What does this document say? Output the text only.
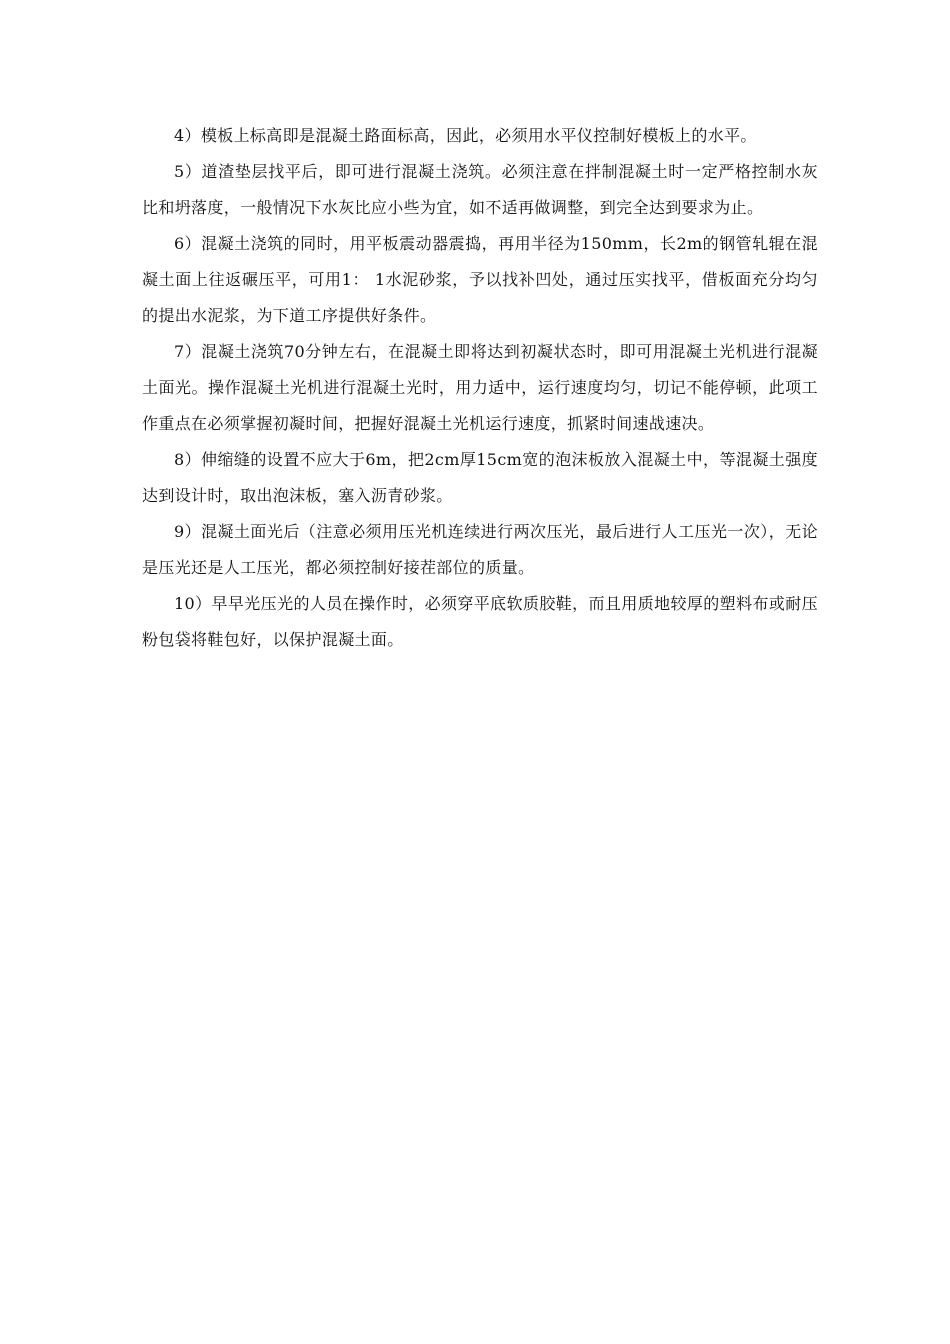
4）模板上标高即是混凝土路面标高，因此，必须用水平仪控制好模板上的水平。

5）道渣垫层找平后，即可进行混凝土浇筑。必须注意在拌制混凝土时一定严格控制水灰比和坍落度，一般情况下水灰比应小些为宜，如不适再做调整，到完全达到要求为止。

6）混凝土浇筑的同时，用平板震动器震捣，再用半径为150mm，长2m的钢管轧辊在混凝土面上往返碾压平，可用1： 1水泥砂浆，予以找补凹处，通过压实找平，借板面充分均匀的提出水泥浆，为下道工序提供好条件。

7）混凝土浇筑70分钟左右，在混凝土即将达到初凝状态时，即可用混凝土光机进行混凝土面光。操作混凝土光机进行混凝土光时，用力适中，运行速度均匀，切记不能停顿，此项工作重点在必须掌握初凝时间，把握好混凝土光机运行速度，抓紧时间速战速决。

8）伸缩缝的设置不应大于6m，把2cm厚15cm宽的泡沫板放入混凝土中，等混凝土强度达到设计时，取出泡沫板，塞入沥青砂浆。

9）混凝土面光后（注意必须用压光机连续进行两次压光，最后进行人工压光一次），无论是压光还是人工压光，都必须控制好接茬部位的质量。

10）早早光压光的人员在操作时，必须穿平底软质胶鞋，而且用质地较厚的塑料布或耐压粉包袋将鞋包好，以保护混凝土面。
